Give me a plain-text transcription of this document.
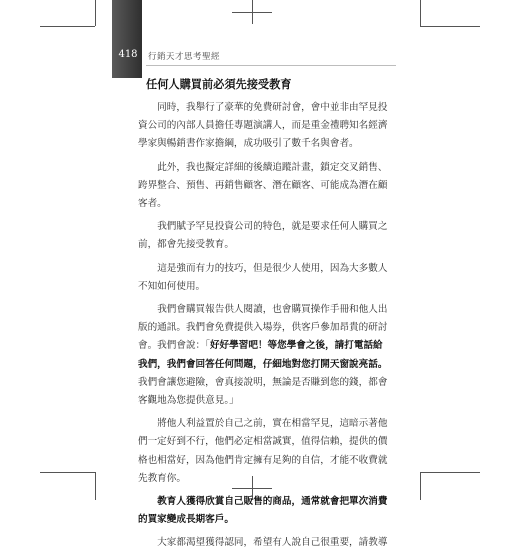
418	行銷天才思考聖經
任何人購買前必須先接受教育

同時，我舉行了豪華的免費研討會，會中並非由罕見投
資公司的內部人員擔任專題演講人，而是重金禮聘知名經濟
學家與暢銷書作家擔綱，成功吸引了數千名與會者。

此外，我也擬定詳細的後續追蹤計畫，鎖定交叉銷售、
跨界整合、預售、再銷售顧客、潛在顧客、可能成為潛在顧
客者。

我們賦予罕見投資公司的特色，就是要求任何人購買之
前，都會先接受教育。

這是強而有力的技巧，但是很少人使用，因為大多數人
不知如何使用。

我們會購買報告供人閱讀，也會購買操作手冊和他人出
版的通訊。我們會免費提供入場券，供客戶參加昂貴的研討
會。我們會說：「好好學習吧！等您學會之後，請打電話給
我們，我們會回答任何問題，仔細地對您打開天窗說亮話。
我們會讓您避險，會真接說明，無論是否賺到您的錢，都會
客觀地為您提供意見。」

將他人利益置於自己之前，實在相當罕見，這暗示著他
們一定好到不行，他們必定相當誠實，值得信賴，提供的價
格也相當好，因為他們肯定擁有足夠的自信，才能不收費就
先教育你。

教育人獲得欣賞自己販售的商品，通常就會把單次消費
的買家變成長期客戶。

大家都渴望獲得認同，希望有人說自己很重要，請教導
